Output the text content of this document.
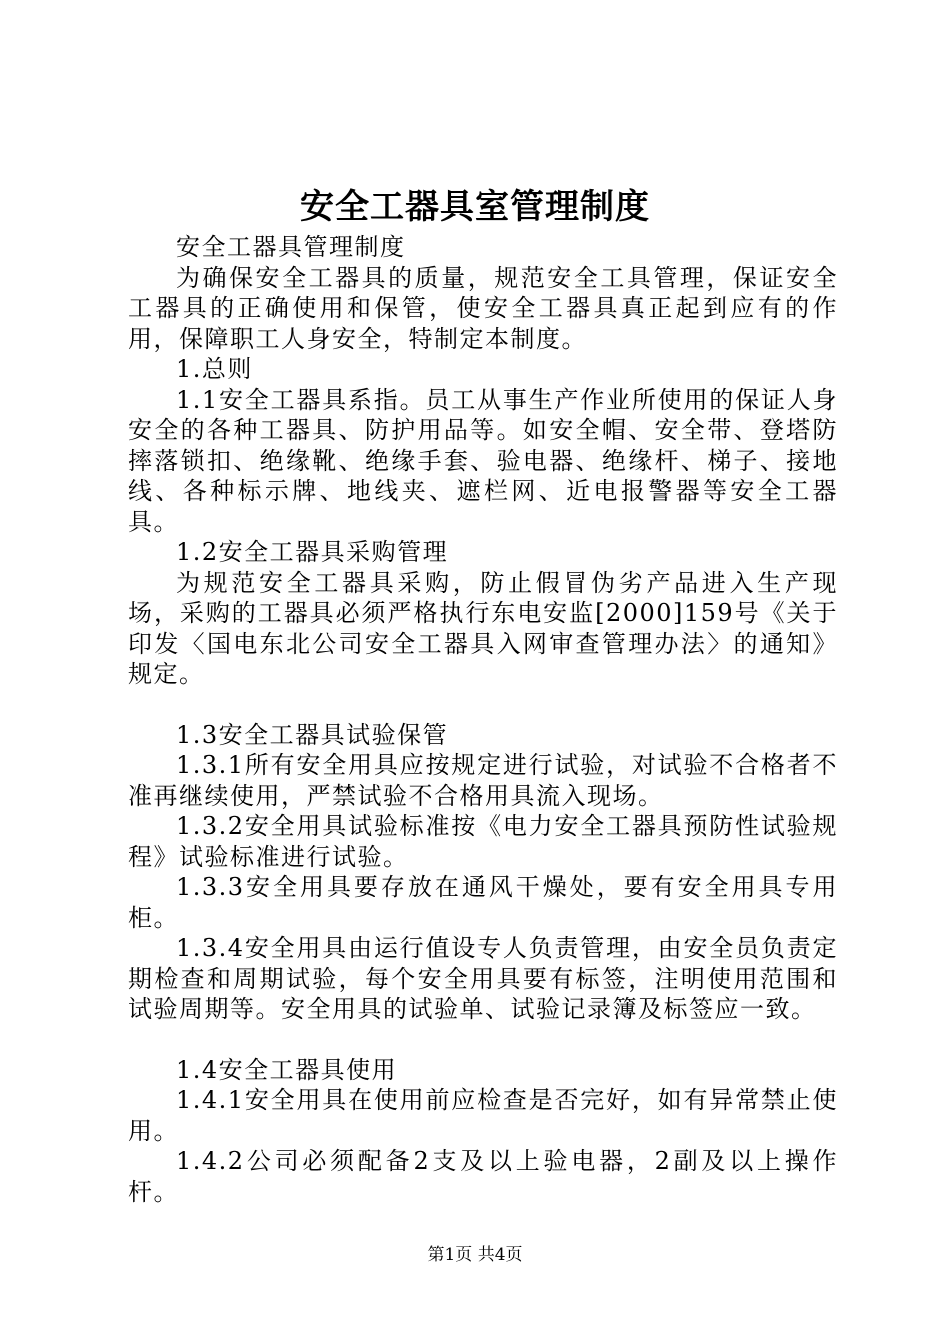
安全工器具室管理制度

安全工器具管理制度

为确保安全工器具的质量，规范安全工具管理，保证安全工器具的正确使用和保管，使安全工器具真正起到应有的作用，保障职工人身安全，特制定本制度。

1.总则

1.1安全工器具系指。员工从事生产作业所使用的保证人身安全的各种工器具、防护用品等。如安全帽、安全带、登塔防摔落锁扣、绝缘靴、绝缘手套、验电器、绝缘杆、梯子、接地线、各种标示牌、地线夹、遮栏网、近电报警器等安全工器具。

1.2安全工器具采购管理

为规范安全工器具采购，防止假冒伪劣产品进入生产现场，采购的工器具必须严格执行东电安监[2000]159号《关于印发〈国电东北公司安全工器具入网审查管理办法〉的通知》规定。

1.3安全工器具试验保管

1.3.1所有安全用具应按规定进行试验，对试验不合格者不准再继续使用，严禁试验不合格用具流入现场。

1.3.2安全用具试验标准按《电力安全工器具预防性试验规程》试验标准进行试验。

1.3.3安全用具要存放在通风干燥处，要有安全用具专用柜。

1.3.4安全用具由运行值设专人负责管理，由安全员负责定期检查和周期试验，每个安全用具要有标签，注明使用范围和试验周期等。安全用具的试验单、试验记录簿及标签应一致。

1.4安全工器具使用

1.4.1安全用具在使用前应检查是否完好，如有异常禁止使用。

1.4.2公司必须配备2支及以上验电器，2副及以上操作杆。

第1页 共4页
